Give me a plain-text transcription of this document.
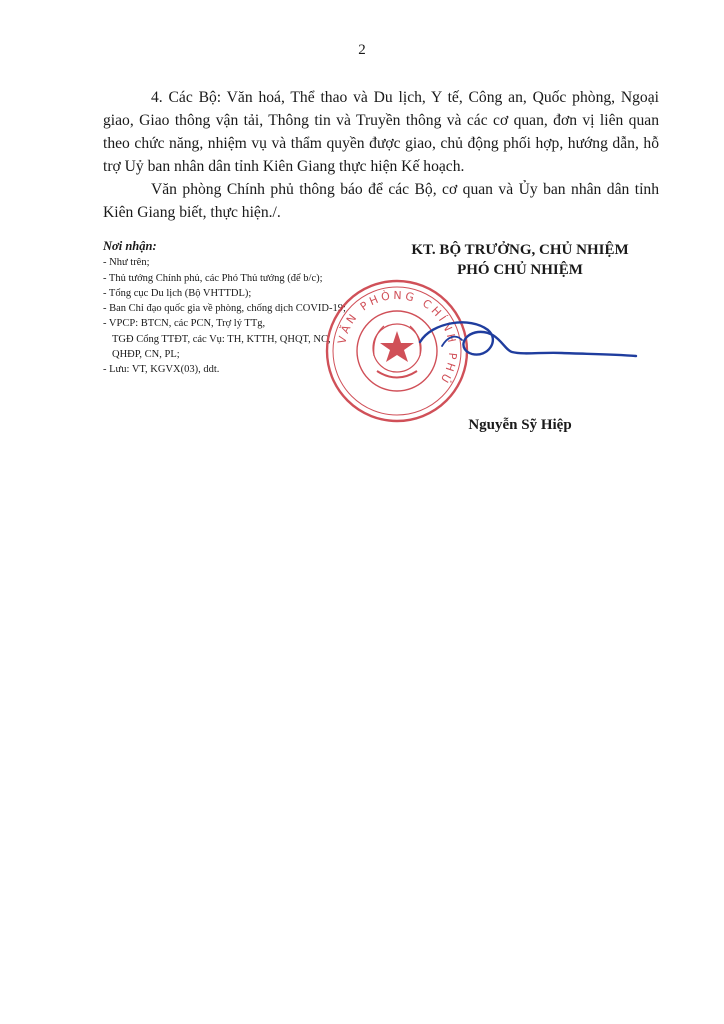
2

4. Các Bộ: Văn hoá, Thể thao và Du lịch, Y tế, Công an, Quốc phòng, Ngoại giao, Giao thông vận tải, Thông tin và Truyền thông và các cơ quan, đơn vị liên quan theo chức năng, nhiệm vụ và thẩm quyền được giao, chủ động phối hợp, hướng dẫn, hỗ trợ Uỷ ban nhân dân tỉnh Kiên Giang thực hiện Kế hoạch.

Văn phòng Chính phủ thông báo để các Bộ, cơ quan và Ủy ban nhân dân tỉnh Kiên Giang biết, thực hiện./.

Nơi nhận:
- Như trên;
- Thủ tướng Chính phủ, các Phó Thủ tướng (để b/c);
- Tổng cục Du lịch (Bộ VHTTDL);
- Ban Chỉ đạo quốc gia về phòng, chống dịch COVID-19;
- VPCP: BTCN, các PCN, Trợ lý TTg,
TGĐ Cổng TTĐT, các Vụ: TH, KTTH, QHQT, NC,
QHĐP, CN, PL;
- Lưu: VT, KGVX(03), ddt.
VĂN PHÒNG CHÍNH PHỦ
KT. BỘ TRƯỞNG, CHỦ NHIỆM
PHÓ CHỦ NHIỆM
Nguyễn Sỹ Hiệp
